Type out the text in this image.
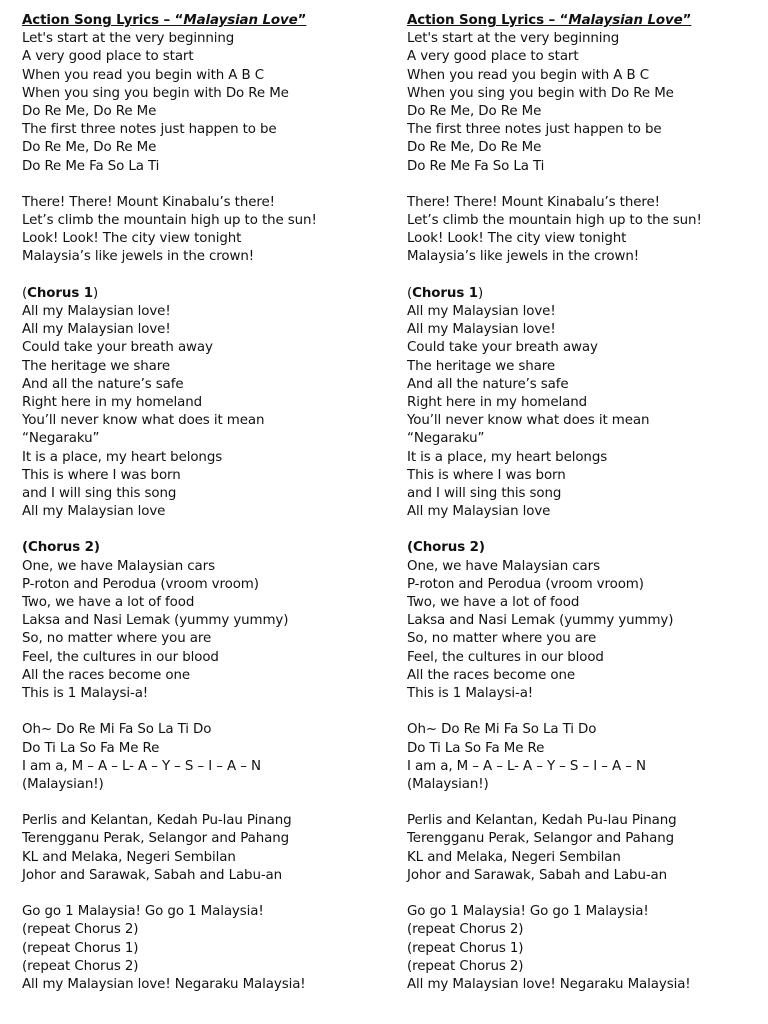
Action Song Lyrics – “Malaysian Love”
Let's start at the very beginning
A very good place to start
When you read you begin with A B C
When you sing you begin with Do Re Me
Do Re Me, Do Re Me
The first three notes just happen to be
Do Re Me, Do Re Me
Do Re Me Fa So La Ti
There! There! Mount Kinabalu’s there!
Let’s climb the mountain high up to the sun!
Look! Look! The city view tonight
Malaysia’s like jewels in the crown!
(Chorus 1)
All my Malaysian love!
All my Malaysian love!
Could take your breath away
The heritage we share
And all the nature’s safe
Right here in my homeland
You’ll never know what does it mean
“Negaraku”
It is a place, my heart belongs
This is where I was born
and I will sing this song
All my Malaysian love
(Chorus 2)
One, we have Malaysian cars
P-roton and Perodua (vroom vroom)
Two, we have a lot of food
Laksa and Nasi Lemak (yummy yummy)
So, no matter where you are
Feel, the cultures in our blood
All the races become one
This is 1 Malaysi-a!
Oh~ Do Re Mi Fa So La Ti Do
Do Ti La So Fa Me Re
I am a, M – A – L- A – Y – S – I – A – N
(Malaysian!)
Perlis and Kelantan, Kedah Pu-lau Pinang
Terengganu Perak, Selangor and Pahang
KL and Melaka, Negeri Sembilan
Johor and Sarawak, Sabah and Labu-an
Go go 1 Malaysia! Go go 1 Malaysia!
(repeat Chorus 2)
(repeat Chorus 1)
(repeat Chorus 2)
All my Malaysian love! Negaraku Malaysia!
Action Song Lyrics – “Malaysian Love”
Let's start at the very beginning
A very good place to start
When you read you begin with A B C
When you sing you begin with Do Re Me
Do Re Me, Do Re Me
The first three notes just happen to be
Do Re Me, Do Re Me
Do Re Me Fa So La Ti
There! There! Mount Kinabalu’s there!
Let’s climb the mountain high up to the sun!
Look! Look! The city view tonight
Malaysia’s like jewels in the crown!
(Chorus 1)
All my Malaysian love!
All my Malaysian love!
Could take your breath away
The heritage we share
And all the nature’s safe
Right here in my homeland
You’ll never know what does it mean
“Negaraku”
It is a place, my heart belongs
This is where I was born
and I will sing this song
All my Malaysian love
(Chorus 2)
One, we have Malaysian cars
P-roton and Perodua (vroom vroom)
Two, we have a lot of food
Laksa and Nasi Lemak (yummy yummy)
So, no matter where you are
Feel, the cultures in our blood
All the races become one
This is 1 Malaysi-a!
Oh~ Do Re Mi Fa So La Ti Do
Do Ti La So Fa Me Re
I am a, M – A – L- A – Y – S – I – A – N
(Malaysian!)
Perlis and Kelantan, Kedah Pu-lau Pinang
Terengganu Perak, Selangor and Pahang
KL and Melaka, Negeri Sembilan
Johor and Sarawak, Sabah and Labu-an
Go go 1 Malaysia! Go go 1 Malaysia!
(repeat Chorus 2)
(repeat Chorus 1)
(repeat Chorus 2)
All my Malaysian love! Negaraku Malaysia!
